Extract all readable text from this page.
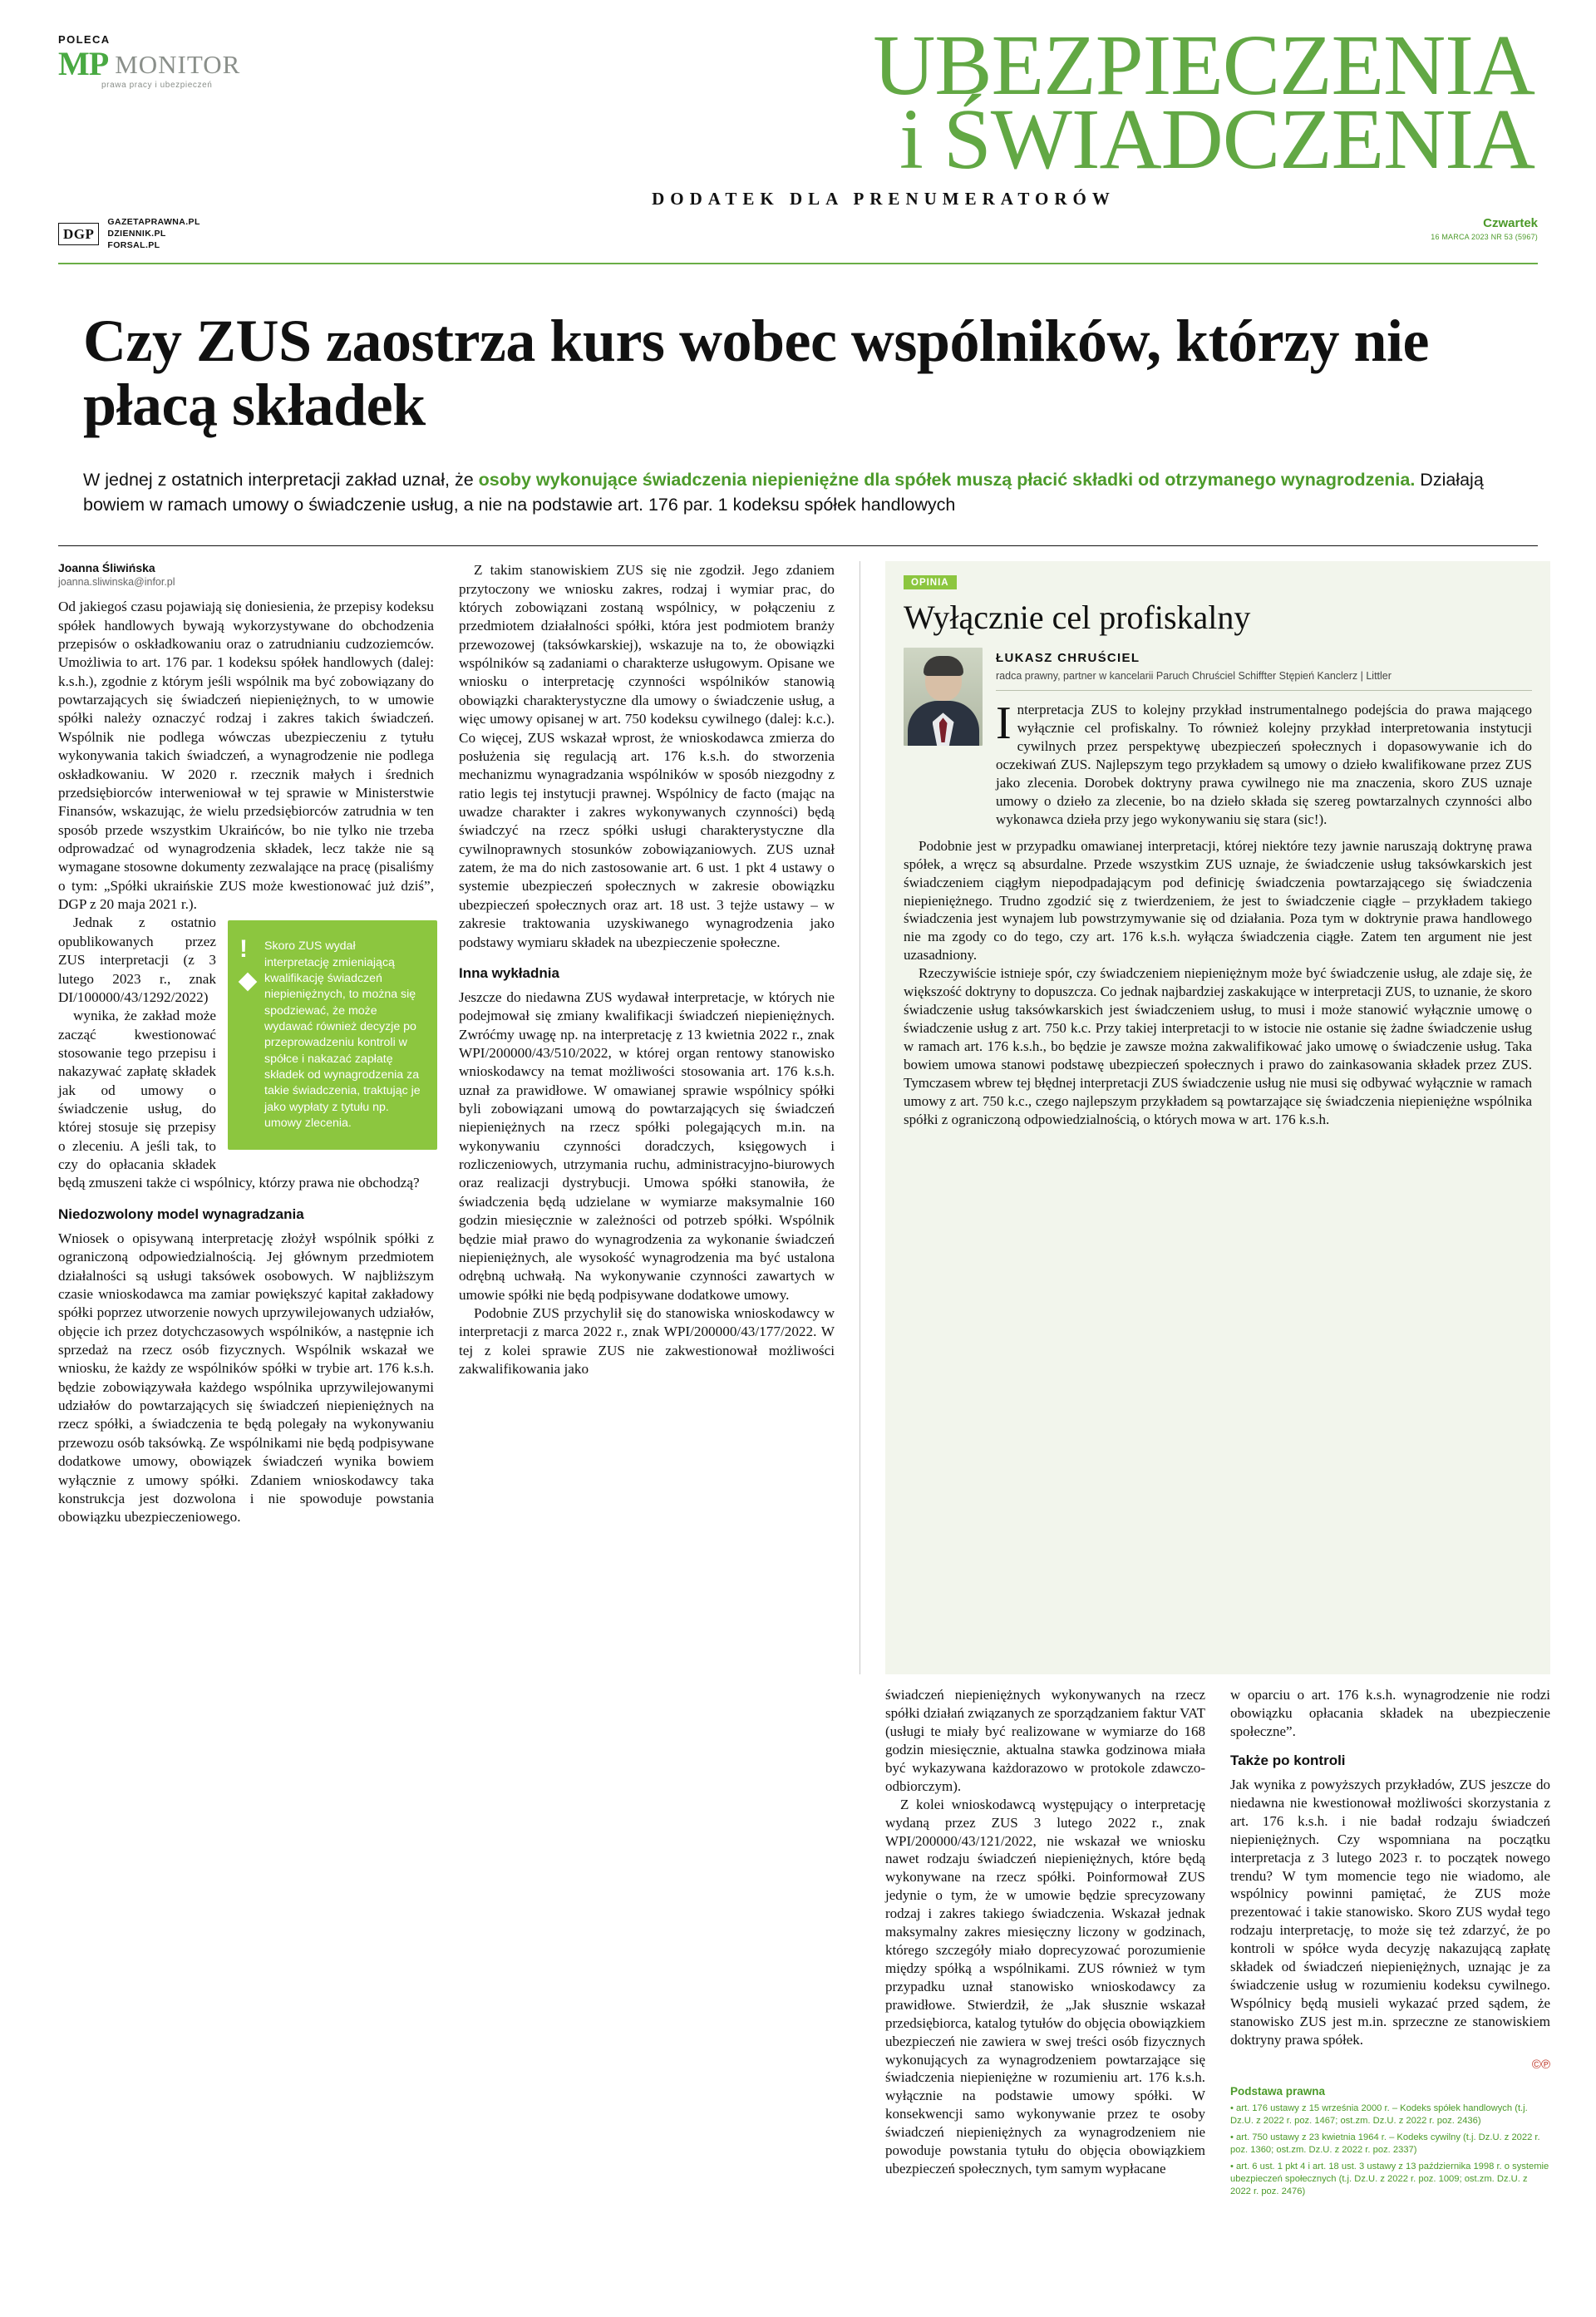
POLECA
MP MONITOR
prawa pracy i ubezpieczeń	UBEZPIECZENIA
i ŚWIADCZENIA
DODATEK DLA PRENUMERATORÓW
DGP
GAZETAPRAWNA.PL
DZIENNIK.PL
FORSAL.PL
Czwartek
16 MARCA 2023 NR 53 (5967)
Czy ZUS zaostrza kurs wobec wspólników, którzy nie płacą składek

W jednej z ostatnich interpretacji zakład uznał, że osoby wykonujące świadczenia niepieniężne dla spółek muszą płacić składki od otrzymanego wynagrodzenia. Działają bowiem w ramach umowy o świadczenie usług, a nie na podstawie art. 176 par. 1 kodeksu spółek handlowych

Joanna Śliwińska
joanna.sliwinska@infor.pl

Od jakiegoś czasu pojawiają się doniesienia, że przepisy kodeksu spółek handlowych bywają wykorzystywane do obchodzenia przepisów o oskładkowaniu oraz o zatrudnianiu cudzoziemców. Umożliwia to art. 176 par. 1 kodeksu spółek handlowych (dalej: k.s.h.), zgodnie z którym jeśli wspólnik ma być zobowiązany do powtarzających się świadczeń niepieniężnych, to w umowie spółki należy oznaczyć rodzaj i zakres takich świadczeń. Wspólnik nie podlega wówczas ubezpieczeniu z tytułu wykonywania takich świadczeń, a wynagrodzenie nie podlega oskładkowaniu. W 2020 r. rzecznik małych i średnich przedsiębiorców interweniował w tej sprawie w Ministerstwie Finansów, wskazując, że wielu przedsiębiorców zatrudnia w ten sposób przede wszystkim Ukraińców, bo nie tylko nie trzeba odprowadzać od wynagrodzenia składek, lecz także nie są wymagane stosowne dokumenty zezwalające na pracę (pisaliśmy o tym: „Spółki ukraińskie ZUS może kwestionować już dziś”, DGP z 20 maja 2021 r.).

! Skoro ZUS wydał interpretację zmieniającą kwalifikację świadczeń niepieniężnych, to można się spodziewać, że może wydawać również decyzje po przeprowadzeniu kontroli w spółce i nakazać zapłatę składek od wynagrodzenia za takie świadczenia, traktując je jako wypłaty z tytułu np. umowy zlecenia.

Jednak z ostatnio opublikowanych przez ZUS interpretacji (z 3 lutego 2023 r., znak DI/100000/43/1292/2022)

wynika, że zakład może zacząć kwestionować stosowanie tego przepisu i nakazywać zapłatę składek jak od umowy o świadczenie usług, do której stosuje się przepisy o zleceniu. A jeśli tak, to czy do opłacania składek będą zmuszeni także ci wspólnicy, którzy prawa nie obchodzą?

Niedozwolony model wynagradzania

Wniosek o opisywaną interpretację złożył wspólnik spółki z ograniczoną odpowiedzialnością. Jej głównym przedmiotem działalności są usługi taksówek osobowych. W najbliższym czasie wnioskodawca ma zamiar powiększyć kapitał zakładowy spółki poprzez utworzenie nowych uprzywilejowanych udziałów, objęcie ich przez dotychczasowych wspólników, a następnie ich sprzedaż na rzecz osób fizycznych. Wspólnik wskazał we wniosku, że każdy ze wspólników spółki w trybie art. 176 k.s.h. będzie zobowiązywała każdego wspólnika uprzywilejowanymi udziałów do powtarzających się świadczeń niepieniężnych na rzecz spółki, a świadczenia te będą polegały na wykonywaniu przewozu osób taksówką. Ze wspólnikami nie będą podpisywane dodatkowe umowy, obowiązek świadczeń wynika bowiem wyłącznie z umowy spółki. Zdaniem wnioskodawcy taka konstrukcja jest dozwolona i nie spowoduje powstania obowiązku ubezpieczeniowego.

Z takim stanowiskiem ZUS się nie zgodził. Jego zdaniem przytoczony we wniosku zakres, rodzaj i wymiar prac, do których zobowiązani zostaną wspólnicy, w połączeniu z przedmiotem działalności spółki, która jest podmiotem branży przewozowej (taksówkarskiej), wskazuje na to, że obowiązki wspólników są zadaniami o charakterze usługowym. Opisane we wniosku o interpretację czynności wspólników stanowią obowiązki charakterystyczne dla umowy o świadczenie usług, a więc umowy opisanej w art. 750 kodeksu cywilnego (dalej: k.c.). Co więcej, ZUS wskazał wprost, że wnioskodawca zmierza do posłużenia się regulacją art. 176 k.s.h. do stworzenia mechanizmu wynagradzania wspólników w sposób niezgodny z ratio legis tej instytucji prawnej. Wspólnicy de facto (mając na uwadze charakter i zakres wykonywanych czynności) będą świadczyć na rzecz spółki usługi charakterystyczne dla cywilnoprawnych stosunków zobowiązaniowych. ZUS uznał zatem, że ma do nich zastosowanie art. 6 ust. 1 pkt 4 ustawy o systemie ubezpieczeń społecznych w zakresie obowiązku ubezpieczeń społecznych oraz art. 18 ust. 3 tejże ustawy – w zakresie traktowania uzyskiwanego wynagrodzenia jako podstawy wymiaru składek na ubezpieczenie społeczne.

Inna wykładnia

Jeszcze do niedawna ZUS wydawał interpretacje, w których nie podejmował się zmiany kwalifikacji świadczeń niepieniężnych. Zwróćmy uwagę np. na interpretację z 13 kwietnia 2022 r., znak WPI/200000/43/510/2022, w której organ rentowy stanowisko wnioskodawcy na temat możliwości stosowania art. 176 k.s.h. uznał za prawidłowe. W omawianej sprawie wspólnicy spółki byli zobowiązani umową do powtarzających się świadczeń niepieniężnych na rzecz spółki polegających m.in. na wykonywaniu czynności doradczych, księgowych i rozliczeniowych, utrzymania ruchu, administracyjno-biurowych oraz realizacji dystrybucji. Umowa spółki stanowiła, że świadczenia będą udzielane w wymiarze maksymalnie 160 godzin miesięcznie w zależności od potrzeb spółki. Wspólnik będzie miał prawo do wynagrodzenia za wykonanie świadczeń niepieniężnych, ale wysokość wynagrodzenia ma być ustalona odrębną uchwałą. Na wykonywanie czynności zawartych w umowie spółki nie będą podpisywane dodatkowe umowy.

Podobnie ZUS przychylił się do stanowiska wnioskodawcy w interpretacji z marca 2022 r., znak WPI/200000/43/177/2022. W tej z kolei sprawie ZUS nie zakwestionował możliwości zakwalifikowania jako

OPINIA
Wyłącznie cel profiskalny
ŁUKASZ CHRUŚCIEL
radca prawny, partner w kancelarii Paruch Chruściel Schiffter Stępień Kanclerz | Littler

Interpretacja ZUS to kolejny przykład instrumentalnego podejścia do prawa mającego wyłącznie cel profiskalny. To również kolejny przykład interpretowania instytucji cywilnych przez perspektywę ubezpieczeń społecznych i dopasowywanie ich do oczekiwań ZUS. Najlepszym tego przykładem są umowy o dzieło kwalifikowane przez ZUS jako zlecenia. Dorobek doktryny prawa cywilnego nie ma znaczenia, skoro ZUS uznaje umowy o dzieło za zlecenie, bo na dzieło składa się szereg powtarzalnych czynności albo wykonawca dzieła przy jego wykonywaniu się stara (sic!).

Podobnie jest w przypadku omawianej interpretacji, której niektóre tezy jawnie naruszają doktrynę prawa spółek, a wręcz są absurdalne. Przede wszystkim ZUS uznaje, że świadczenie usług taksówkarskich jest świadczeniem ciągłym niepodpadającym pod definicję świadczenia powtarzającego się świadczenia niepieniężnego. Trudno zgodzić się z twierdzeniem, że jest to świadczenie ciągłe – przykładem takiego świadczenia jest wynajem lub powstrzymywanie się od działania. Poza tym w doktrynie prawa handlowego nie ma zgody co do tego, czy art. 176 k.s.h. wyłącza świadczenia ciągłe. Zatem ten argument nie jest uzasadniony.

Rzeczywiście istnieje spór, czy świadczeniem niepieniężnym może być świadczenie usług, ale zdaje się, że większość doktryny to dopuszcza. Co jednak najbardziej zaskakujące w interpretacji ZUS, to uznanie, że skoro świadczenie usług taksówkarskich jest świadczeniem usług, to musi i może stanowić wyłącznie umowę o świadczenie usług z art. 750 k.c. Przy takiej interpretacji to w istocie nie ostanie się żadne świadczenie usług w ramach art. 176 k.s.h., bo będzie je zawsze można zakwalifikować jako umowę o świadczenie usług. Taka bowiem umowa stanowi podstawę ubezpieczeń społecznych i prawo do zainkasowania składek przez ZUS. Tymczasem wbrew tej błędnej interpretacji ZUS świadczenie usług nie musi się odbywać wyłącznie w ramach umowy z art. 750 k.c., czego najlepszym przykładem są powtarzające się świadczenia niepieniężne wspólnika spółki z ograniczoną odpowiedzialnością, o których mowa w art. 176 k.s.h.

świadczeń niepieniężnych wykonywanych na rzecz spółki działań związanych ze sporządzaniem faktur VAT (usługi te miały być realizowane w wymiarze do 168 godzin miesięcznie, aktualna stawka godzinowa miała być wykazywana każdorazowo w protokole zdawczo-odbiorczym).

Z kolei wnioskodawcą występujący o interpretację wydaną przez ZUS 3 lutego 2022 r., znak WPI/200000/43/121/2022, nie wskazał we wniosku nawet rodzaju świadczeń niepieniężnych, które będą wykonywane na rzecz spółki. Poinformował ZUS jedynie o tym, że w umowie będzie sprecyzowany rodzaj i zakres takiego świadczenia. Wskazał jednak maksymalny zakres miesięczny liczony w godzinach, którego szczegóły miało doprecyzować porozumienie między spółką a wspólnikami. ZUS również w tym przypadku uznał stanowisko wnioskodawcy za prawidłowe. Stwierdził, że „Jak słusznie wskazał przedsiębiorca, katalog tytułów do objęcia obowiązkiem ubezpieczeń nie zawiera w swej treści osób fizycznych wykonujących za wynagrodzeniem powtarzające się świadczenia niepieniężne w rozumieniu art. 176 k.s.h. wyłącznie na podstawie umowy spółki. W konsekwencji samo wykonywanie przez te osoby świadczeń niepieniężnych za wynagrodzeniem nie powoduje powstania tytułu do objęcia obowiązkiem ubezpieczeń społecznych, tym samym wypłacane

w oparciu o art. 176 k.s.h. wynagrodzenie nie rodzi obowiązku opłacania składek na ubezpieczenie społeczne”.

Także po kontroli

Jak wynika z powyższych przykładów, ZUS jeszcze do niedawna nie kwestionował możliwości skorzystania z art. 176 k.s.h. i nie badał rodzaju świadczeń niepieniężnych. Czy wspomniana na początku interpretacja z 3 lutego 2023 r. to początek nowego trendu? W tym momencie tego nie wiadomo, ale wspólnicy powinni pamiętać, że ZUS może prezentować i takie stanowisko. Skoro ZUS wydał tego rodzaju interpretację, to może się też zdarzyć, że po kontroli w spółce wyda decyzję nakazującą zapłatę składek od świadczeń niepieniężnych, uznając je za świadczenie usług w rozumieniu kodeksu cywilnego. Wspólnicy będą musieli wykazać przed sądem, że stanowisko ZUS jest m.in. sprzeczne ze stanowiskiem doktryny prawa spółek.

©℗
Podstawa prawna
• art. 176 ustawy z 15 września 2000 r. – Kodeks spółek handlowych (t.j. Dz.U. z 2022 r. poz. 1467; ost.zm. Dz.U. z 2022 r. poz. 2436)
• art. 750 ustawy z 23 kwietnia 1964 r. – Kodeks cywilny (t.j. Dz.U. z 2022 r. poz. 1360; ost.zm. Dz.U. z 2022 r. poz. 2337)
• art. 6 ust. 1 pkt 4 i art. 18 ust. 3 ustawy z 13 października 1998 r. o systemie ubezpieczeń społecznych (t.j. Dz.U. z 2022 r. poz. 1009; ost.zm. Dz.U. z 2022 r. poz. 2476)
